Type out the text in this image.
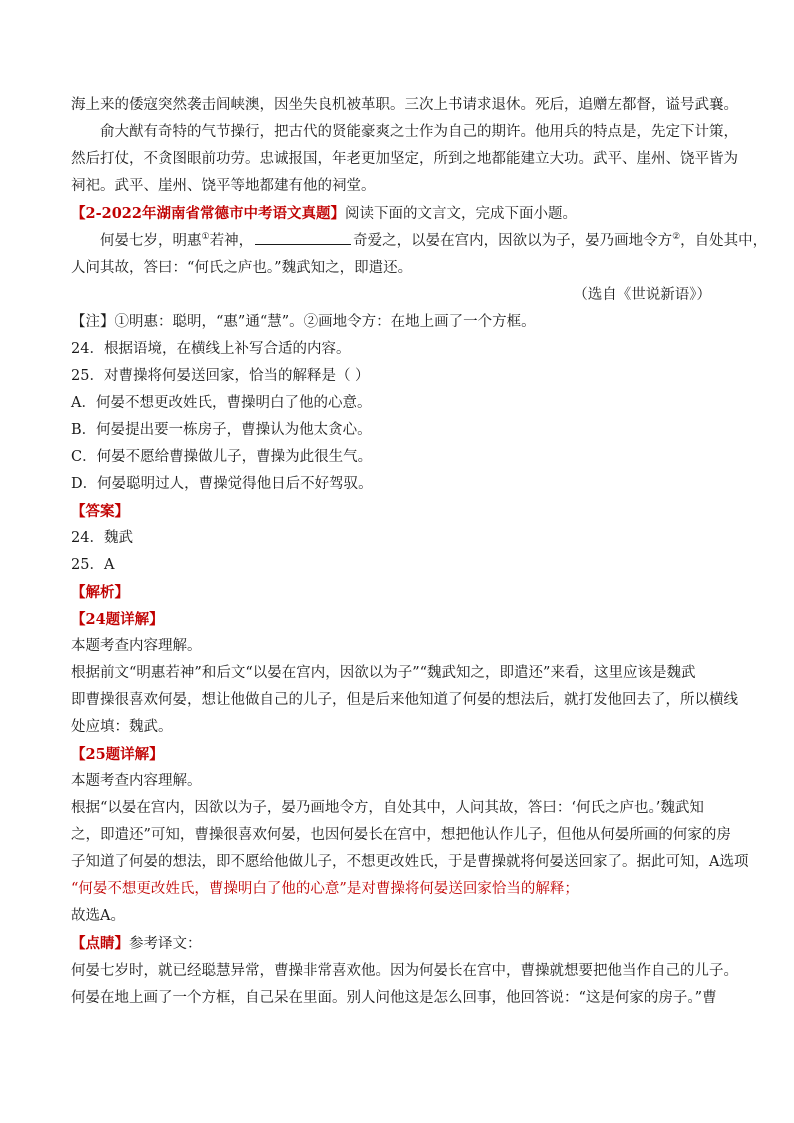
海上来的倭寇突然袭击闾峡澳，因坐失良机被革职。三次上书请求退休。死后，追赠左都督，谥号武襄。

俞大猷有奇特的气节操行，把古代的贤能豪爽之士作为自己的期许。他用兵的特点是，先定下计策，

然后打仗，不贪图眼前功劳。忠诚报国，年老更加坚定，所到之地都能建立大功。武平、崖州、饶平皆为

祠祀。武平、崖州、饶平等地都建有他的祠堂。

【2-2022年湖南省常德市中考语文真题】阅读下面的文言文，完成下面小题。

何晏七岁，明惠①若神，	奇爱之，以晏在宫内，因欲以为子，晏乃画地令方②，自处其中，

人问其故，答曰：“何氏之庐也。”魏武知之，即遣还。

（选自《世说新语》）

【注】①明惠：聪明，“惠”通“慧”。②画地令方：在地上画了一个方框。

24．根据语境，在横线上补写合适的内容。

25．对曹操将何晏送回家，恰当的解释是（ ）

A．何晏不想更改姓氏，曹操明白了他的心意。

B．何晏提出要一栋房子，曹操认为他太贪心。

C．何晏不愿给曹操做儿子，曹操为此很生气。

D．何晏聪明过人，曹操觉得他日后不好驾驭。

【答案】

24．魏武

25．A

【解析】

【24题详解】

本题考查内容理解。

根据前文“明惠若神”和后文“以晏在宫内，因欲以为子”“魏武知之，即遣还”来看，这里应该是魏武

即曹操很喜欢何晏，想让他做自己的儿子，但是后来他知道了何晏的想法后，就打发他回去了，所以横线

处应填：魏武。

【25题详解】

本题考查内容理解。

根据“以晏在宫内，因欲以为子，晏乃画地令方，自处其中，人问其故，答曰：‘何氏之庐也。’魏武知

之，即遣还”可知，曹操很喜欢何晏，也因何晏长在宫中，想把他认作儿子，但他从何晏所画的何家的房

子知道了何晏的想法，即不愿给他做儿子，不想更改姓氏，于是曹操就将何晏送回家了。据此可知，A选项

“何晏不想更改姓氏，曹操明白了他的心意”是对曹操将何晏送回家恰当的解释；

故选A。

【点睛】参考译文：

何晏七岁时，就已经聪慧异常，曹操非常喜欢他。因为何晏长在宫中，曹操就想要把他当作自己的儿子。

何晏在地上画了一个方框，自己呆在里面。别人问他这是怎么回事，他回答说：“这是何家的房子。”曹
